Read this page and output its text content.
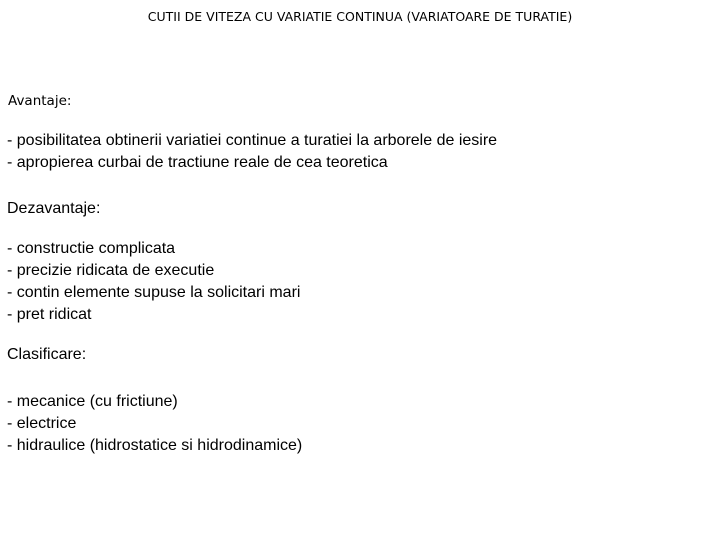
CUTII DE VITEZA CU VARIATIE CONTINUA (VARIATOARE DE TURATIE)
Avantaje:
- posibilitatea obtinerii variatiei continue a turatiei la arborele de iesire
- apropierea curbai de tractiune reale de cea teoretica
Dezavantaje:
- constructie complicata
- precizie ridicata de executie
- contin elemente supuse la solicitari mari
- pret ridicat
Clasificare:
- mecanice (cu frictiune)
- electrice
- hidraulice (hidrostatice si hidrodinamice)
